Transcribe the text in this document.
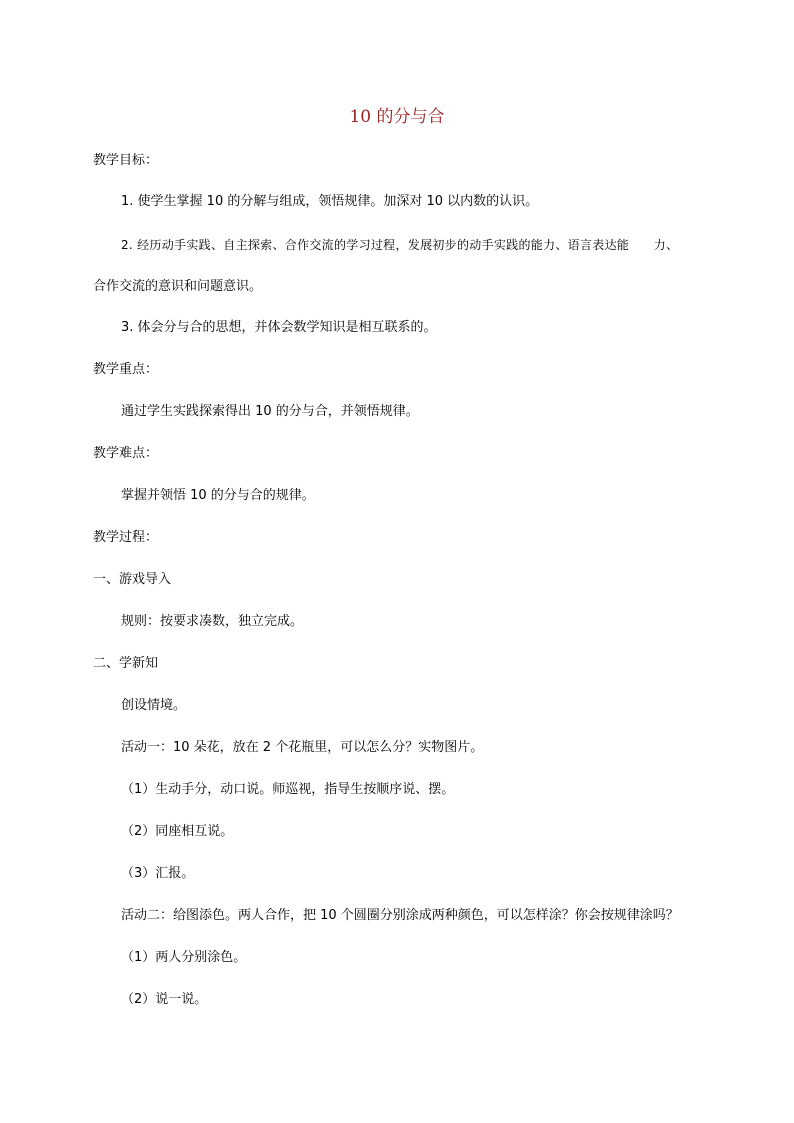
10 的分与合
教学目标：
1. 使学生掌握 10 的分解与组成，领悟规律。加深对 10 以内数的认识。
2. 经历动手实践、自主探索、合作交流的学习过程，发展初步的动手实践的能力、语言表达能　　力、
合作交流的意识和问题意识。
3. 体会分与合的思想，并体会数学知识是相互联系的。
教学重点：
通过学生实践探索得出 10 的分与合，并领悟规律。
教学难点：
掌握并领悟 10 的分与合的规律。
教学过程：
一、游戏导入
规则：按要求凑数，独立完成。
二、学新知
创设情境。
活动一：10 朵花，放在 2 个花瓶里，可以怎么分？实物图片。
（1）生动手分，动口说。师巡视，指导生按顺序说、摆。
（2）同座相互说。
（3）汇报。
活动二：给图添色。两人合作，把 10 个圆圈分别涂成两种颜色，可以怎样涂？你会按规律涂吗？
（1）两人分别涂色。
（2）说一说。
